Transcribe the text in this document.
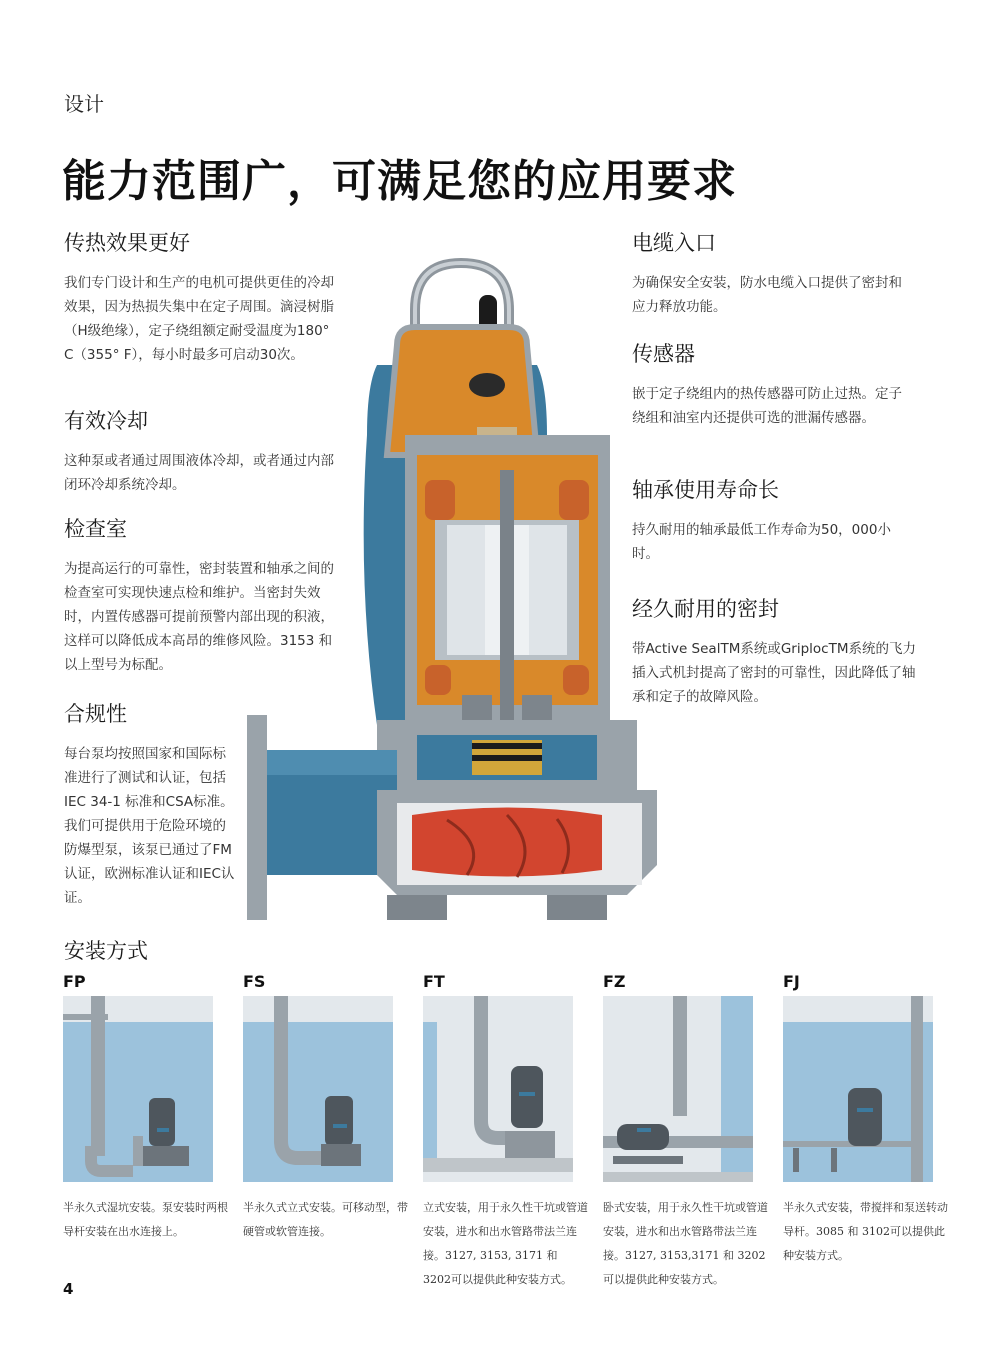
设计
能力范围广，可满足您的应用要求
传热效果更好

我们专门设计和生产的电机可提供更佳的冷却效果，因为热损失集中在定子周围。滴浸树脂（H级绝缘），定子绕组额定耐受温度为180° C（355° F），每小时最多可启动30次。

有效冷却

这种泵或者通过周围液体冷却，或者通过内部闭环冷却系统冷却。

检查室

为提高运行的可靠性，密封装置和轴承之间的检查室可实现快速点检和维护。当密封失效时，内置传感器可提前预警内部出现的积液，这样可以降低成本高昂的维修风险。3153 和以上型号为标配。

合规性

每台泵均按照国家和国际标准进行了测试和认证，包括IEC 34-1 标准和CSA标准。 我们可提供用于危险环境的防爆型泵，该泵已通过了FM认证，欧洲标准认证和IEC认证。

电缆入口

为确保安全安装，防水电缆入口提供了密封和应力释放功能。

传感器

嵌于定子绕组内的热传感器可防止过热。定子绕组和油室内还提供可选的泄漏传感器。

轴承使用寿命长

持久耐用的轴承最低工作寿命为50，000小时。

经久耐用的密封

带Active SealTM系统或GriplocTM系统的飞力插入式机封提高了密封的可靠性，因此降低了轴承和定子的故障风险。

安装方式
FP
半永久式湿坑安装。泵安装时两根导杆安装在出水连接上。
FS
半永久式立式安装。可移动型，带硬管或软管连接。
FT
立式安装，用于永久性干坑或管道安装，进水和出水管路带法兰连接。3127, 3153, 3171 和 3202可以提供此种安装方式。
FZ
卧式安装，用于永久性干坑或管道安装，进水和出水管路带法兰连接。3127, 3153,3171 和 3202可以提供此种安装方式。
FJ
半永久式安装，带搅拌和泵送转动导杆。3085 和 3102可以提供此种安装方式。
4
